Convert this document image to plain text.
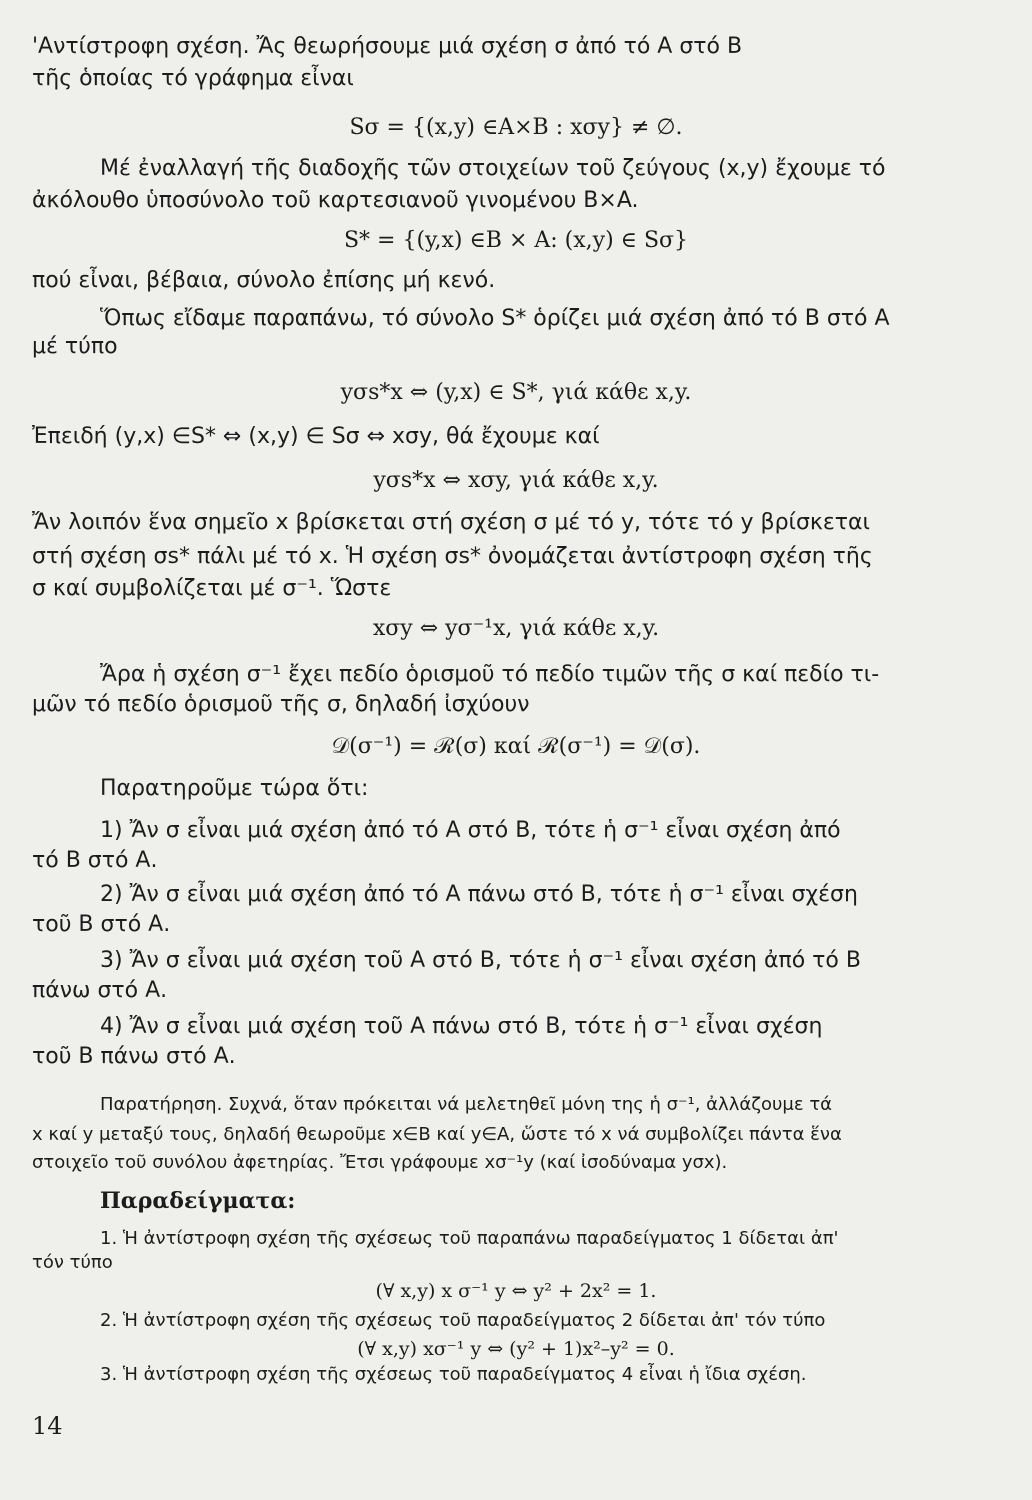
'Αντίστροφη σχέση. Ἄς θεωρήσουμε μιά σχέση σ ἀπό τό Α στό Β
τῆς ὁποίας τό γράφημα εἶναι
Sσ = {(x,y) ∈A×B : xσy} ≠ ∅.
Μέ ἐναλλαγή τῆς διαδοχῆς τῶν στοιχείων τοῦ ζεύγους (x,y) ἔχουμε τό
ἀκόλουθο ὑποσύνολο τοῦ καρτεσιανοῦ γινομένου B×A.
S* = {(y,x) ∈B × A: (x,y) ∈ Sσ}
πού εἶναι, βέβαια, σύνολο ἐπίσης μή κενό.
Ὅπως εἴδαμε παραπάνω, τό σύνολο S* ὁρίζει μιά σχέση ἀπό τό Β στό Α
μέ τύπο
yσs*x ⇔ (y,x) ∈ S*, γιά κάθε x,y.
Ἐπειδή (y,x) ∈S* ⇔ (x,y) ∈ Sσ ⇔ xσy, θά ἔχουμε καί
yσs*x ⇔ xσy, γιά κάθε x,y.
Ἄν λοιπόν ἕνα σημεῖο x βρίσκεται στή σχέση σ μέ τό y, τότε τό y βρίσκεται
στή σχέση σs* πάλι μέ τό x. Ἡ σχέση σs* ὀνομάζεται ἀντίστροφη σχέση τῆς
σ καί συμβολίζεται μέ σ⁻¹. Ὥστε
xσy ⇔ yσ⁻¹x, γιά κάθε x,y.
Ἄρα ἡ σχέση σ⁻¹ ἔχει πεδίο ὁρισμοῦ τό πεδίο τιμῶν τῆς σ καί πεδίο τι-
μῶν τό πεδίο ὁρισμοῦ τῆς σ, δηλαδή ἰσχύουν
𝒟(σ⁻¹) = ℛ(σ) καί ℛ(σ⁻¹) = 𝒟(σ).
Παρατηροῦμε τώρα ὅτι:
1) Ἄν σ εἶναι μιά σχέση ἀπό τό Α στό Β, τότε ἡ σ⁻¹ εἶναι σχέση ἀπό
τό Β στό Α.
2) Ἄν σ εἶναι μιά σχέση ἀπό τό Α πάνω στό Β, τότε ἡ σ⁻¹ εἶναι σχέση
τοῦ Β στό Α.
3) Ἄν σ εἶναι μιά σχέση τοῦ Α στό Β, τότε ἡ σ⁻¹ εἶναι σχέση ἀπό τό Β
πάνω στό Α.
4) Ἄν σ εἶναι μιά σχέση τοῦ Α πάνω στό Β, τότε ἡ σ⁻¹ εἶναι σχέση
τοῦ Β πάνω στό Α.
Παρατήρηση. Συχνά, ὅταν πρόκειται νά μελετηθεῖ μόνη της ἡ σ⁻¹, ἀλλάζουμε τά
x καί y μεταξύ τους, δηλαδή θεωροῦμε x∈B καί y∈A, ὥστε τό x νά συμβολίζει πάντα ἕνα
στοιχεῖο τοῦ συνόλου ἀφετηρίας. Ἔτσι γράφουμε xσ⁻¹y (καί ἰσοδύναμα yσx).
Παραδείγματα:
1. Ἡ ἀντίστροφη σχέση τῆς σχέσεως τοῦ παραπάνω παραδείγματος 1 δίδεται ἀπ'
τόν τύπο
(∀ x,y) x σ⁻¹ y ⇔ y² + 2x² = 1.
2. Ἡ ἀντίστροφη σχέση τῆς σχέσεως τοῦ παραδείγματος 2 δίδεται ἀπ' τόν τύπο
(∀ x,y) xσ⁻¹ y ⇔ (y² + 1)x²–y² = 0.
3. Ἡ ἀντίστροφη σχέση τῆς σχέσεως τοῦ παραδείγματος 4 εἶναι ἡ ἴδια σχέση.
14
